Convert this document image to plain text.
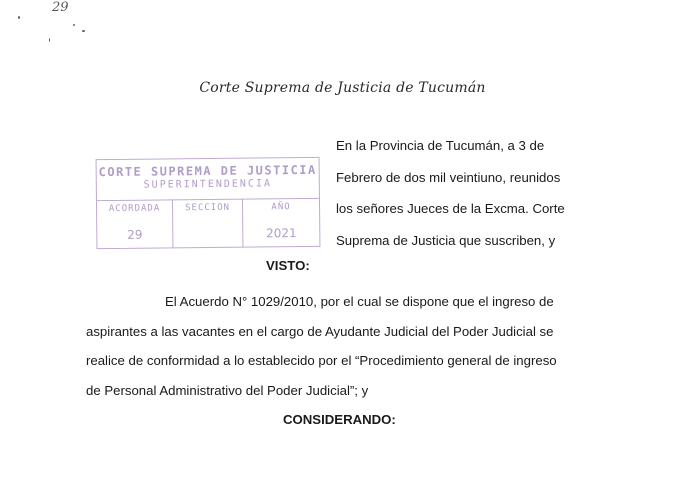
29
Corte Suprema de Justicia de Tucumán
En la Provincia de Tucumán, a 3 de
Febrero de dos mil veintiuno, reunidos
los señores Jueces de la Excma. Corte
Suprema de Justicia que suscriben, y
CORTE SUPREMA DE JUSTICIA
SUPERINTENDENCIA
ACORDADA
29
SECCION	AÑO
2021
VISTO:
El Acuerdo N° 1029/2010, por el cual se dispone que el ingreso de
aspirantes a las vacantes en el cargo de Ayudante Judicial del Poder Judicial se
realice de conformidad a lo establecido por el “Procedimiento general de ingreso
de Personal Administrativo del Poder Judicial”; y
CONSIDERANDO:
